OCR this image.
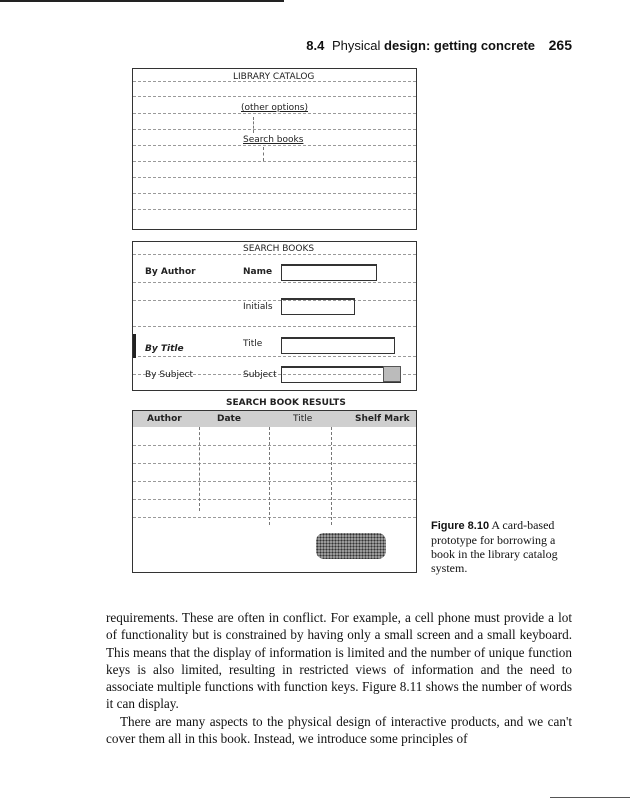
8.4 Physical design: getting concrete 265
LIBRARY CATALOG
(other options)
Search books
SEARCH BOOKS
By Author	Name
Initials
By Title	Title
By Subject	Subject
SEARCH BOOK RESULTS
Author	Date	Title	Shelf Mark
Figure 8.10 A card-based prototype for borrowing a book in the library catalog system.

requirements. These are often in conflict. For example, a cell phone must provide a lot of functionality but is constrained by having only a small screen and a small keyboard. This means that the display of information is limited and the number of unique function keys is also limited, resulting in restricted views of information and the need to associate multiple functions with function keys. Figure 8.11 shows the number of words it can display.

There are many aspects to the physical design of interactive products, and we can't cover them all in this book. Instead, we introduce some principles of
